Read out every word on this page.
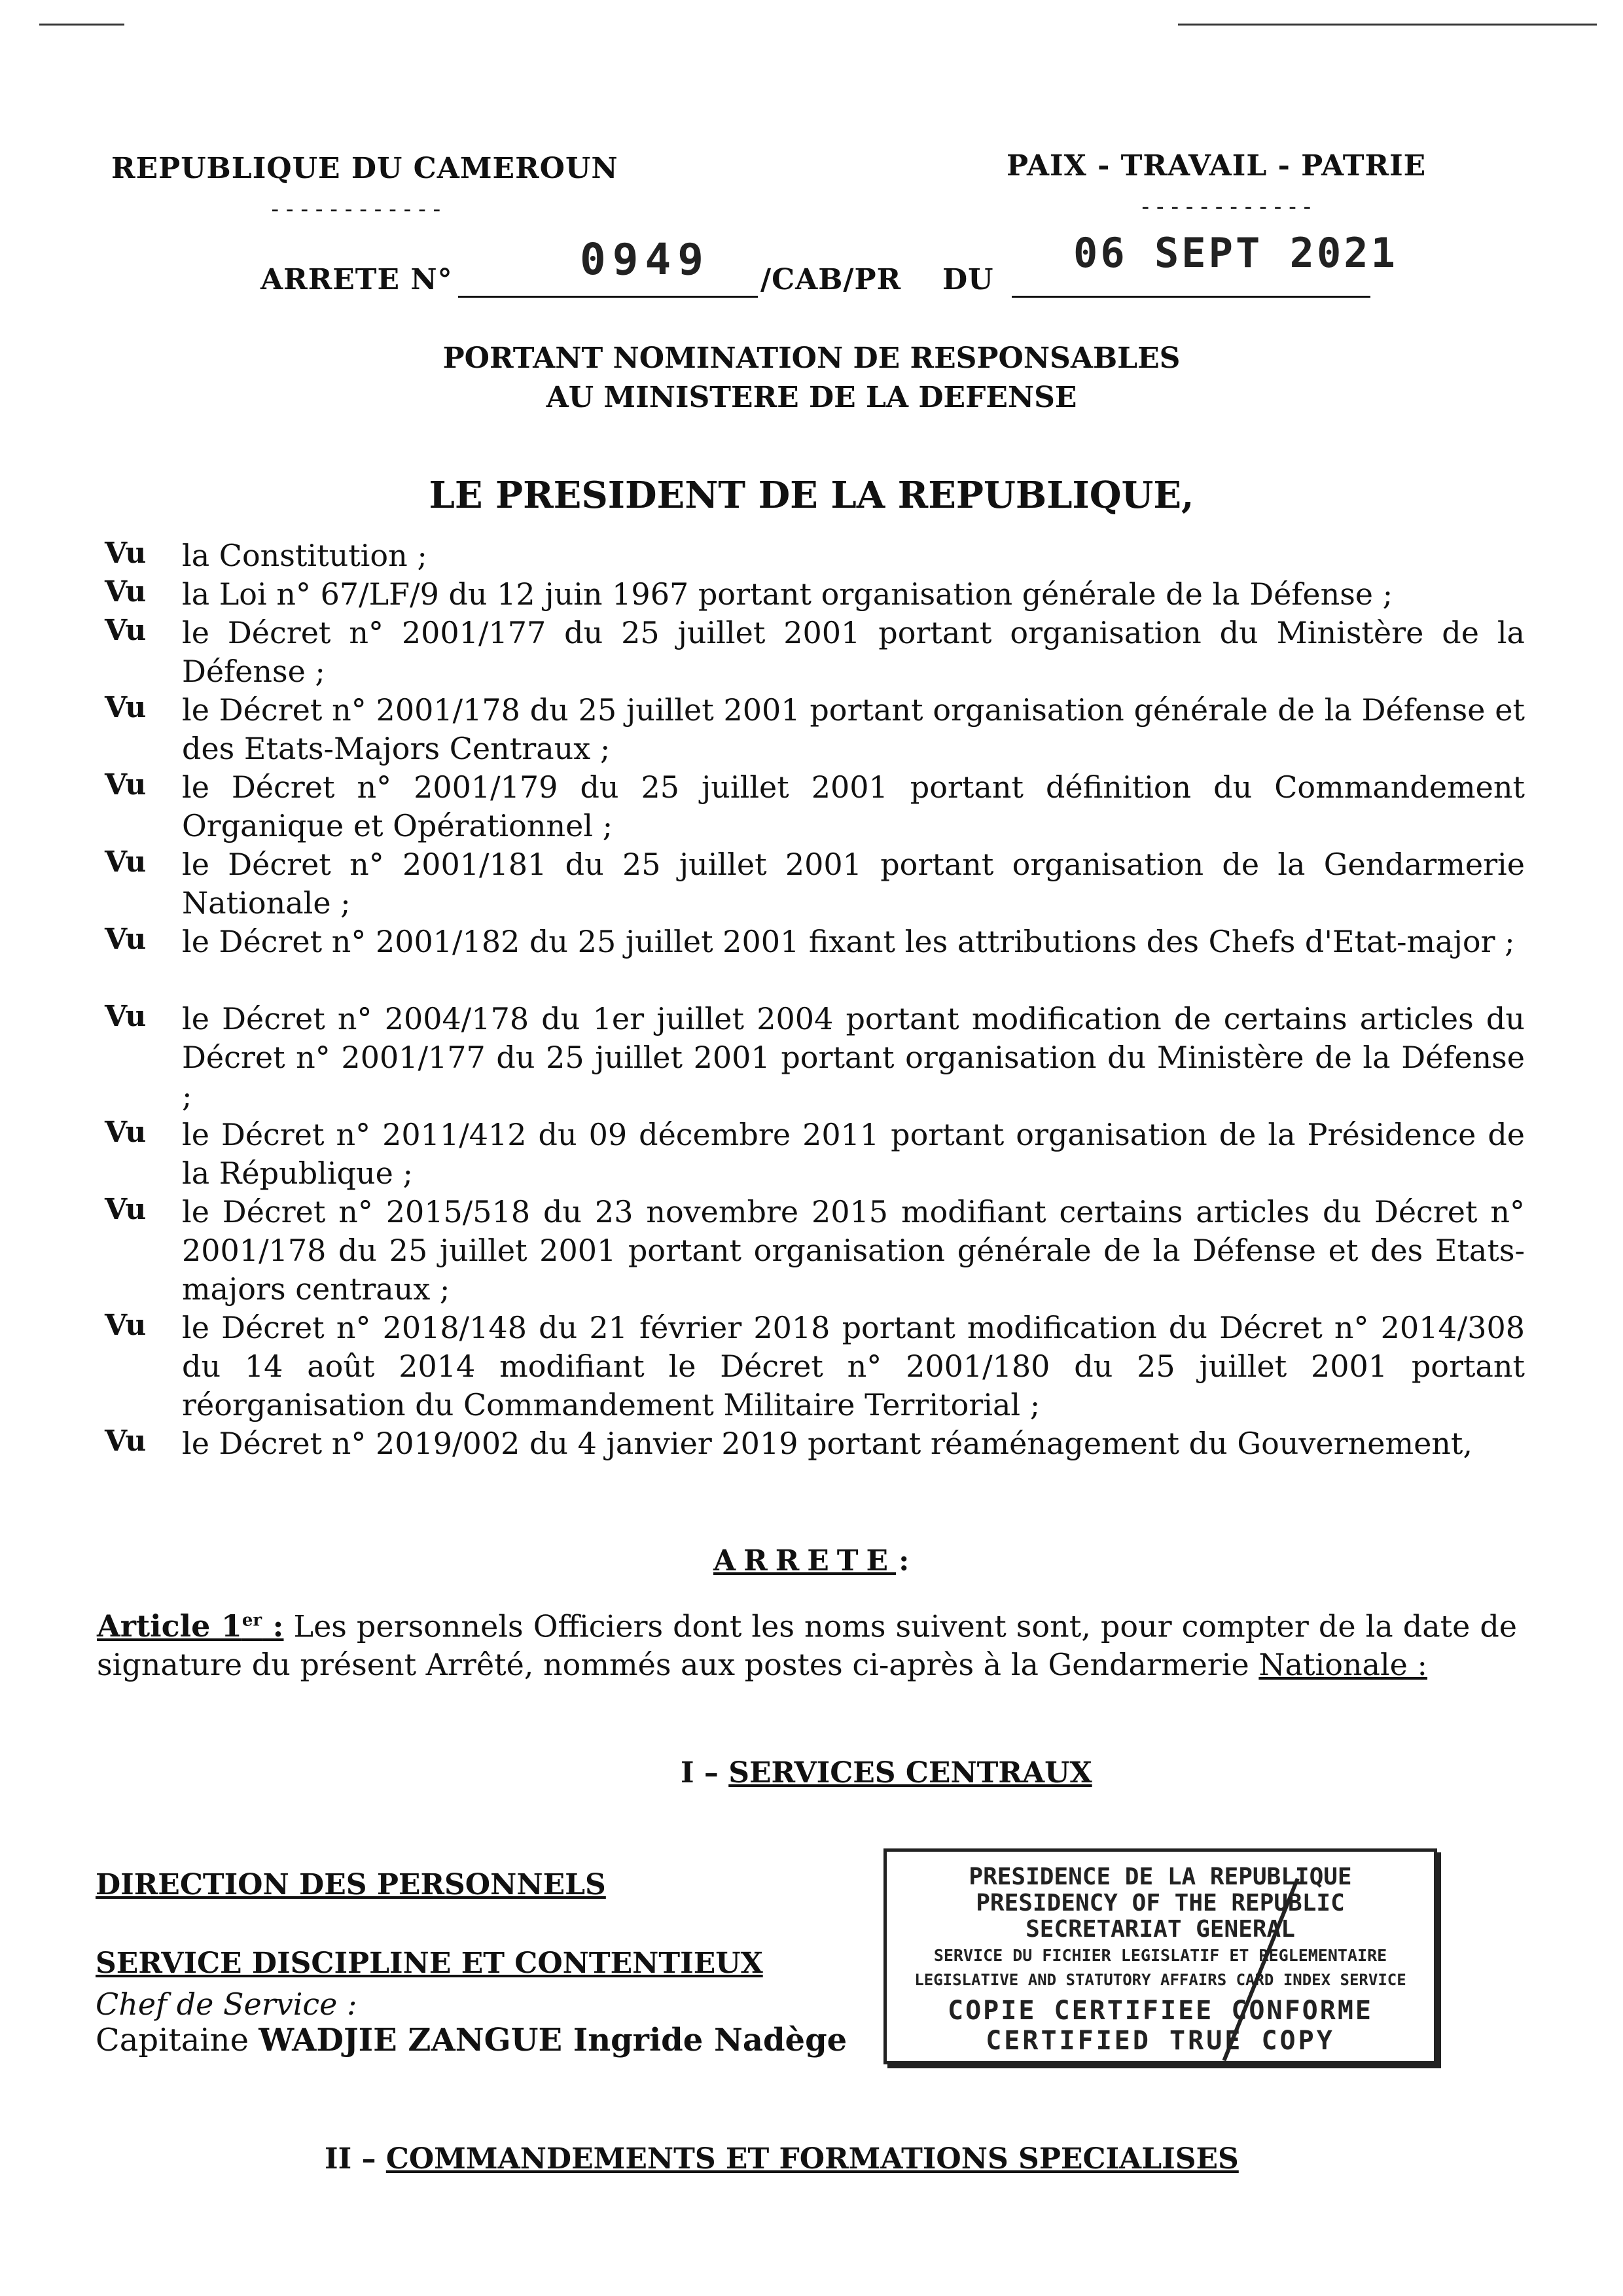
REPUBLIQUE DU CAMEROUN
------------
PAIX - TRAVAIL - PATRIE
------------
ARRETE N°	0949 /CAB/PR DU
06 SEPT 2021
PORTANT NOMINATION DE RESPONSABLES
AU MINISTERE DE LA DEFENSE
LE PRESIDENT DE LA REPUBLIQUE,
Vu la Constitution ;
Vu la Loi n° 67/LF/9 du 12 juin 1967 portant organisation générale de la Défense ;
Vu le Décret n° 2001/177 du 25 juillet 2001 portant organisation du Ministère de la Défense ;
Vu le Décret n° 2001/178 du 25 juillet 2001 portant organisation générale de la Défense et des Etats-Majors Centraux ;
Vu le Décret n° 2001/179 du 25 juillet 2001 portant définition du Commandement Organique et Opérationnel ;
Vu le Décret n° 2001/181 du 25 juillet 2001 portant organisation de la Gendarmerie Nationale ;
Vu le Décret n° 2001/182 du 25 juillet 2001 fixant les attributions des Chefs d'Etat-major ;
Vu le Décret n° 2004/178 du 1er juillet 2004 portant modification de certains articles du Décret n° 2001/177 du 25 juillet 2001 portant organisation du Ministère de la Défense ;
Vu le Décret n° 2011/412 du 09 décembre 2011 portant organisation de la Présidence de la République ;
Vu le Décret n° 2015/518 du 23 novembre 2015 modifiant certains articles du Décret n° 2001/178 du 25 juillet 2001 portant organisation générale de la Défense et des Etats-majors centraux ;
Vu le Décret n° 2018/148 du 21 février 2018 portant modification du Décret n° 2014/308 du 14 août 2014 modifiant le Décret n° 2001/180 du 25 juillet 2001 portant réorganisation du Commandement Militaire Territorial ;
Vu le Décret n° 2019/002 du 4 janvier 2019 portant réaménagement du Gouvernement,
ARRETE :
Article 1er : Les personnels Officiers dont les noms suivent sont, pour compter de la date de signature du présent Arrêté, nommés aux postes ci-après à la Gendarmerie Nationale :
I – SERVICES CENTRAUX
DIRECTION DES PERSONNELS
SERVICE DISCIPLINE ET CONTENTIEUX
Chef de Service :
Capitaine WADJIE ZANGUE Ingride Nadège
PRESIDENCE DE LA REPUBLIQUE
PRESIDENCY OF THE REPUBLIC
SECRETARIAT GENERAL
SERVICE DU FICHIER LEGISLATIF ET REGLEMENTAIRE
LEGISLATIVE AND STATUTORY AFFAIRS CARD INDEX SERVICE
COPIE CERTIFIEE CONFORME
CERTIFIED TRUE COPY
II – COMMANDEMENTS ET FORMATIONS SPECIALISES
